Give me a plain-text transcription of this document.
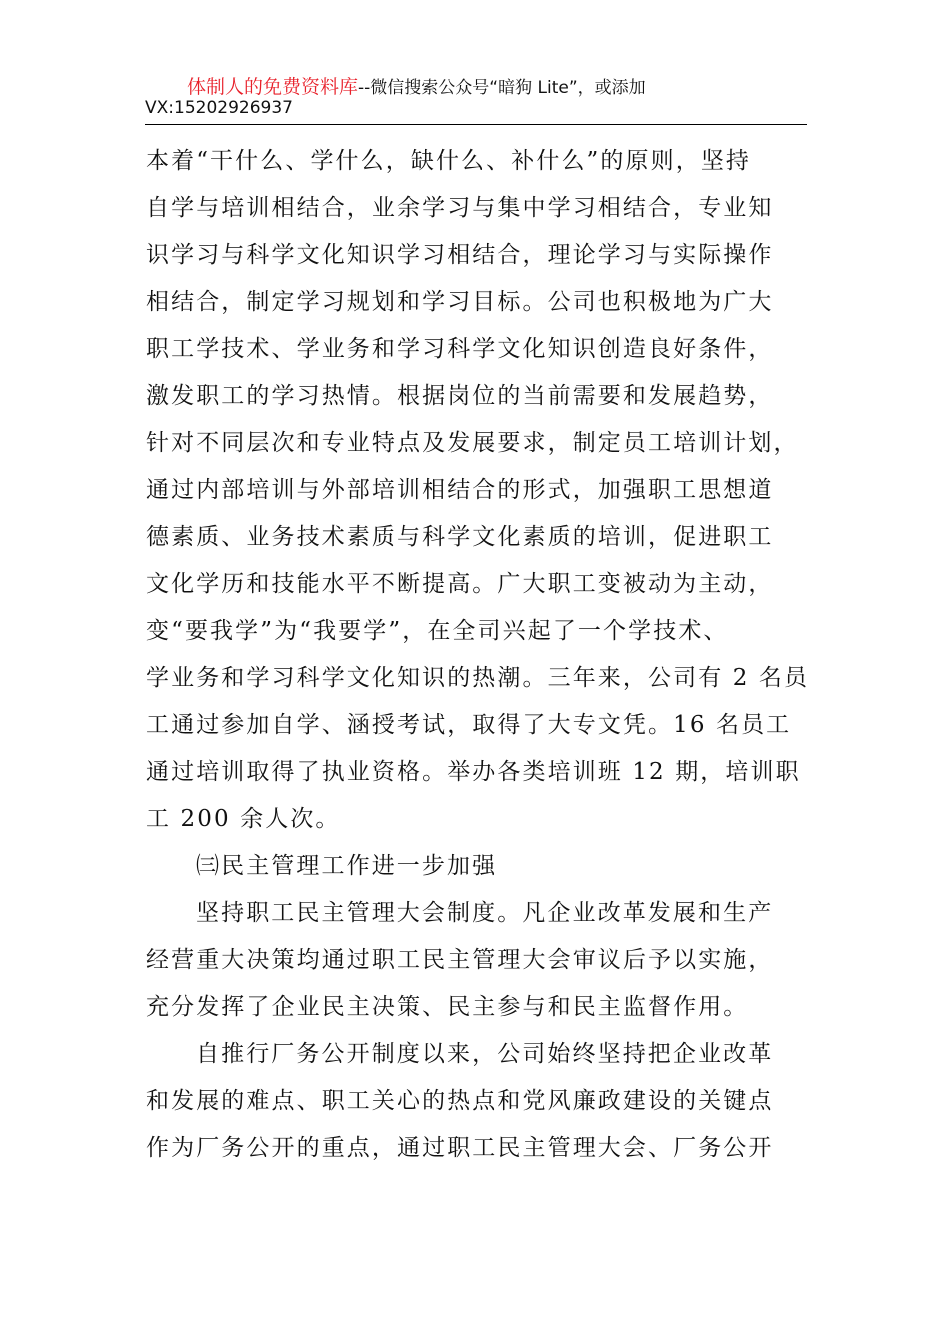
体制人的免费资料库--微信搜索公众号“暗狗 Lite”，或添加
VX:15202926937
本着“干什么、学什么，缺什么、补什么”的原则，坚持
自学与培训相结合，业余学习与集中学习相结合，专业知
识学习与科学文化知识学习相结合，理论学习与实际操作
相结合，制定学习规划和学习目标。公司也积极地为广大
职工学技术、学业务和学习科学文化知识创造良好条件，
激发职工的学习热情。根据岗位的当前需要和发展趋势，
针对不同层次和专业特点及发展要求，制定员工培训计划，
通过内部培训与外部培训相结合的形式，加强职工思想道
德素质、业务技术素质与科学文化素质的培训，促进职工
文化学历和技能水平不断提高。广大职工变被动为主动，
变“要我学”为“我要学”，在全司兴起了一个学技术、
学业务和学习科学文化知识的热潮。三年来，公司有 2 名员
工通过参加自学、涵授考试，取得了大专文凭。16 名员工
通过培训取得了执业资格。举办各类培训班 12 期，培训职
工 200 余人次。
㈢民主管理工作进一步加强
坚持职工民主管理大会制度。凡企业改革发展和生产
经营重大决策均通过职工民主管理大会审议后予以实施，
充分发挥了企业民主决策、民主参与和民主监督作用。
自推行厂务公开制度以来，公司始终坚持把企业改革
和发展的难点、职工关心的热点和党风廉政建设的关键点
作为厂务公开的重点，通过职工民主管理大会、厂务公开
